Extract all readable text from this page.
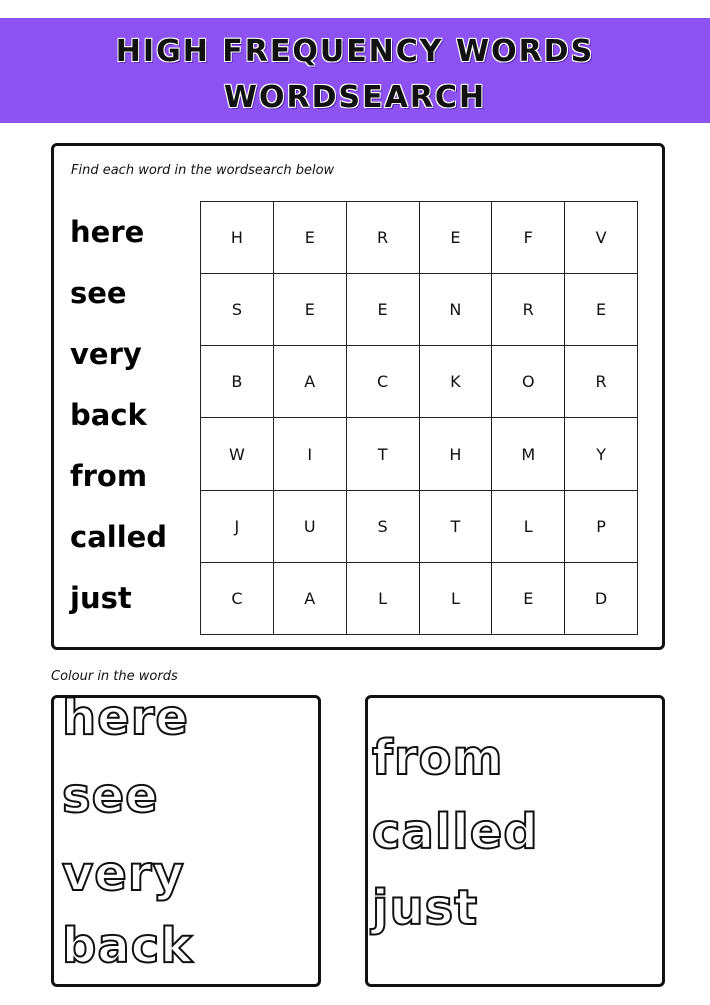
HIGH FREQUENCY WORDS
WORDSEARCH
Find each word in the wordsearch below
here
see
very
back
from
called
just
H	E	R	E	F	V
S	E	E	N	R	E
B	A	C	K	O	R
W	I	T	H	M	Y
J	U	S	T	L	P
C	A	L	L	E	D
Colour in the words
here
see
very
back
from
called
just
